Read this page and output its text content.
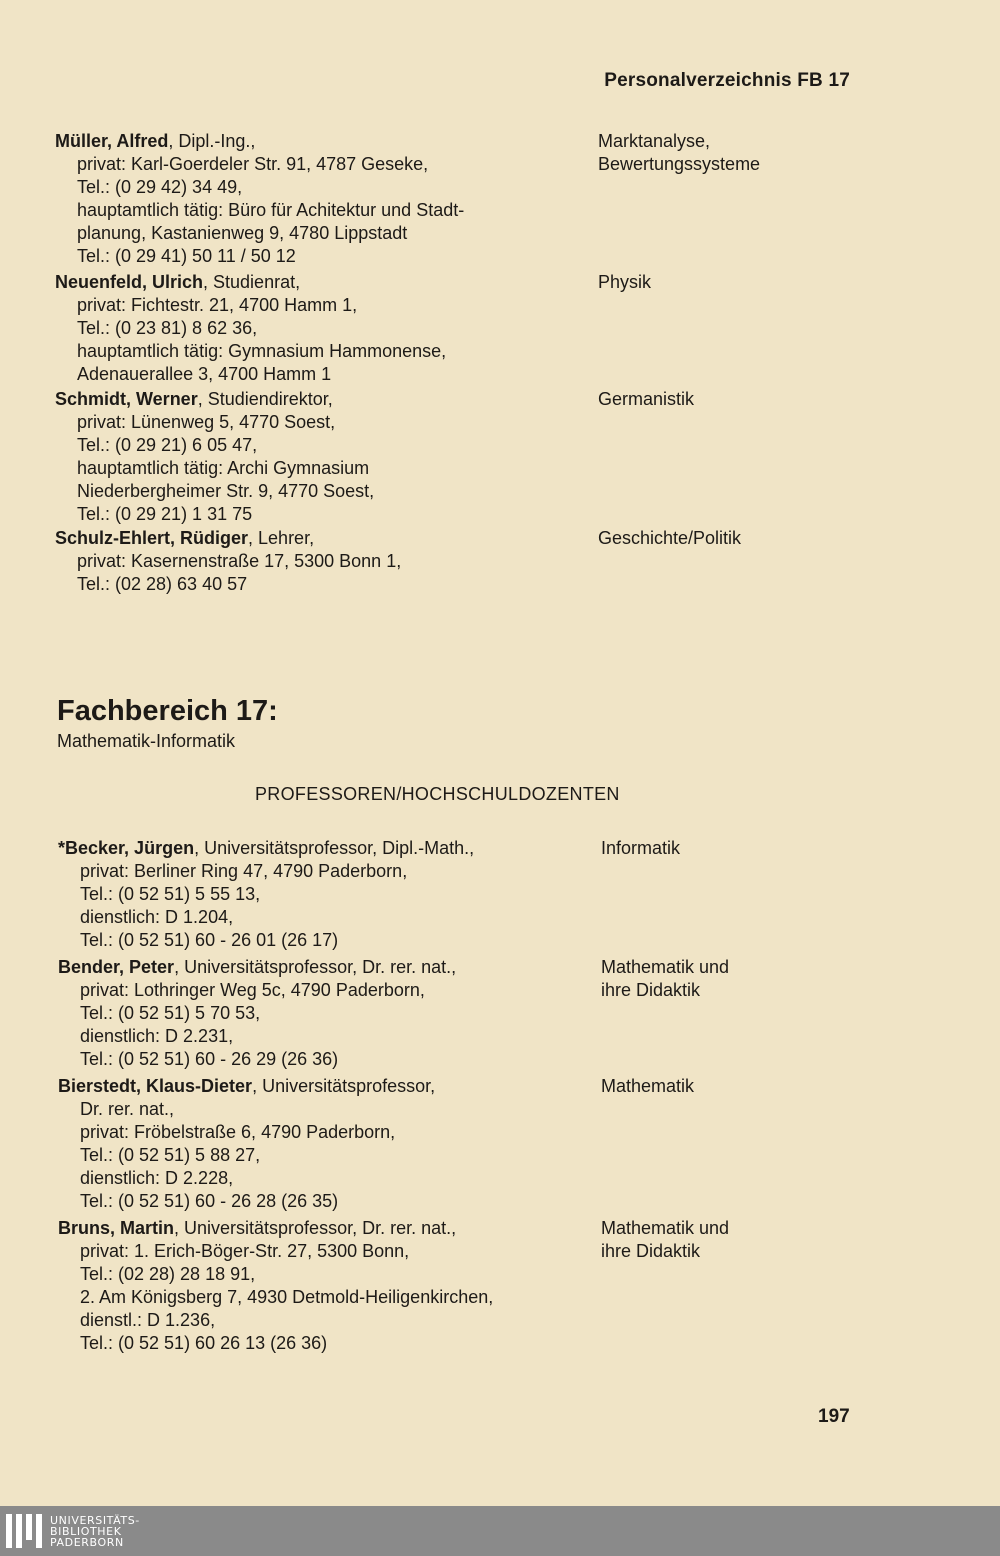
Personalverzeichnis FB 17
Müller, Alfred, Dipl.-Ing.,
privat: Karl-Goerdeler Str. 91, 4787 Geseke,
Tel.: (0 29 42) 34 49,
hauptamtlich tätig: Büro für Achitektur und Stadt-
planung, Kastanienweg 9, 4780 Lippstadt
Tel.: (0 29 41) 50 11 / 50 12
Marktanalyse,
Bewertungssysteme
Neuenfeld, Ulrich, Studienrat,
privat: Fichtestr. 21, 4700 Hamm 1,
Tel.: (0 23 81) 8 62 36,
hauptamtlich tätig: Gymnasium Hammonense,
Adenauerallee 3, 4700 Hamm 1
Physik
Schmidt, Werner, Studiendirektor,
privat: Lünenweg 5, 4770 Soest,
Tel.: (0 29 21) 6 05 47,
hauptamtlich tätig: Archi Gymnasium
Niederbergheimer Str. 9, 4770 Soest,
Tel.: (0 29 21) 1 31 75
Germanistik
Schulz-Ehlert, Rüdiger, Lehrer,
privat: Kasernenstraße 17, 5300 Bonn 1,
Tel.: (02 28) 63 40 57
Geschichte/Politik
Fachbereich 17:
Mathematik-Informatik
PROFESSOREN/HOCHSCHULDOZENTEN
*Becker, Jürgen, Universitätsprofessor, Dipl.-Math.,
privat: Berliner Ring 47, 4790 Paderborn,
Tel.: (0 52 51) 5 55 13,
dienstlich: D 1.204,
Tel.: (0 52 51) 60 - 26 01 (26 17)
Informatik
Bender, Peter, Universitätsprofessor, Dr. rer. nat.,
privat: Lothringer Weg 5c, 4790 Paderborn,
Tel.: (0 52 51) 5 70 53,
dienstlich: D 2.231,
Tel.: (0 52 51) 60 - 26 29 (26 36)
Mathematik und
ihre Didaktik
Bierstedt, Klaus-Dieter, Universitätsprofessor,
Dr. rer. nat.,
privat: Fröbelstraße 6, 4790 Paderborn,
Tel.: (0 52 51) 5 88 27,
dienstlich: D 2.228,
Tel.: (0 52 51) 60 - 26 28 (26 35)
Mathematik
Bruns, Martin, Universitätsprofessor, Dr. rer. nat.,
privat: 1. Erich-Böger-Str. 27, 5300 Bonn,
Tel.: (02 28) 28 18 91,
2. Am Königsberg 7, 4930 Detmold-Heiligenkirchen,
dienstl.: D 1.236,
Tel.: (0 52 51) 60 26 13 (26 36)
Mathematik und
ihre Didaktik
197
UNIVERSITÄTS-
BIBLIOTHEK
PADERBORN
